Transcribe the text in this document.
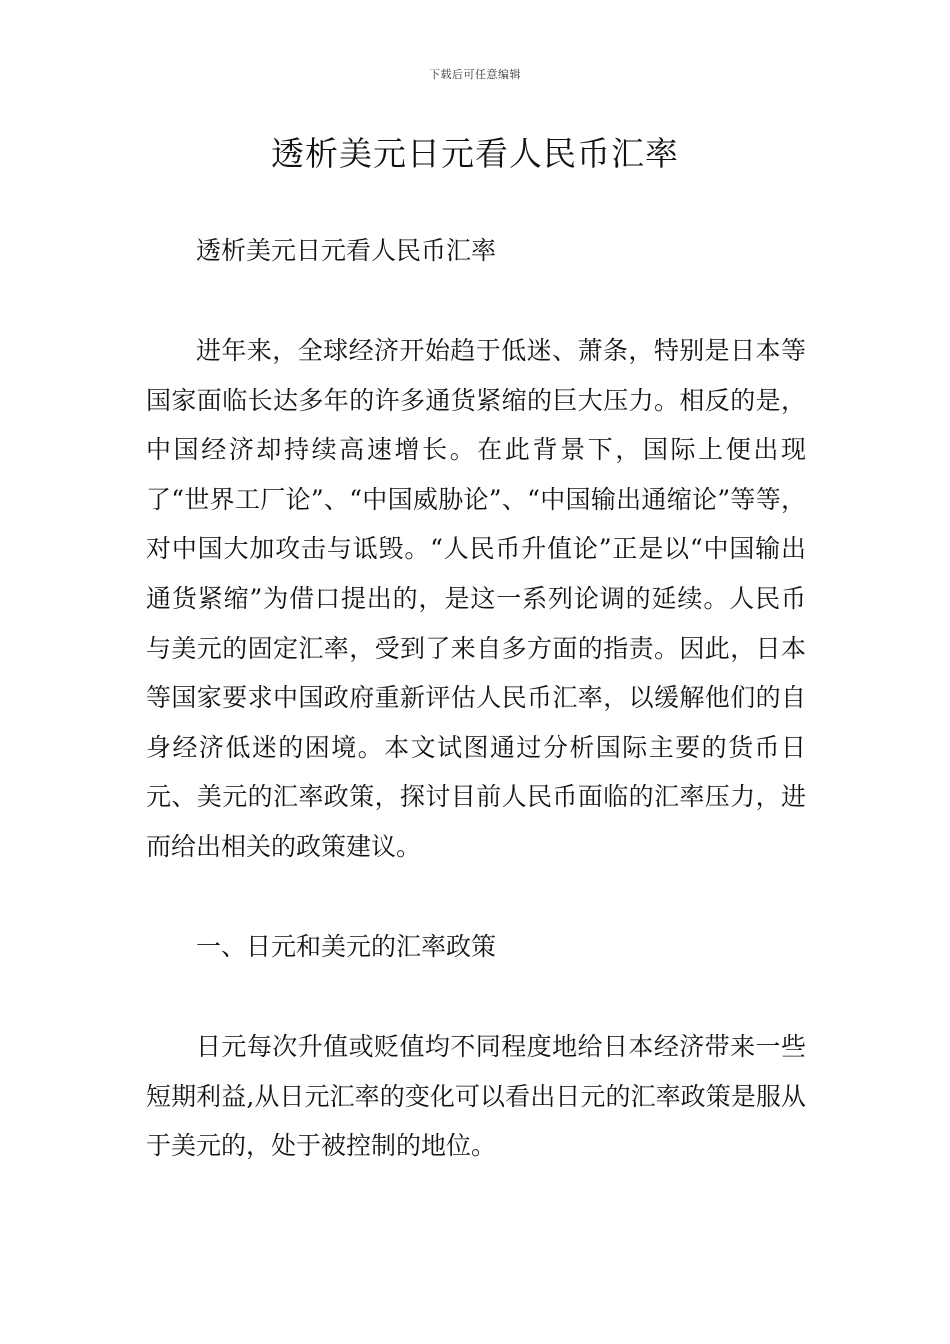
下载后可任意编辑
透析美元日元看人民币汇率

透析美元日元看人民币汇率

进年来，全球经济开始趋于低迷、萧条，特别是日本等国家面临长达多年的许多通货紧缩的巨大压力。相反的是，中国经济却持续高速增长。在此背景下，国际上便出现了“世界工厂论”、“中国威胁论”、“中国输出通缩论”等等，对中国大加攻击与诋毁。“人民币升值论”正是以“中国输出通货紧缩”为借口提出的，是这一系列论调的延续。人民币与美元的固定汇率，受到了来自多方面的指责。因此，日本等国家要求中国政府重新评估人民币汇率，以缓解他们的自身经济低迷的困境。本文试图通过分析国际主要的货币日元、美元的汇率政策，探讨目前人民币面临的汇率压力，进而给出相关的政策建议。

一、日元和美元的汇率政策

日元每次升值或贬值均不同程度地给日本经济带来一些短期利益,从日元汇率的变化可以看出日元的汇率政策是服从于美元的，处于被控制的地位。
